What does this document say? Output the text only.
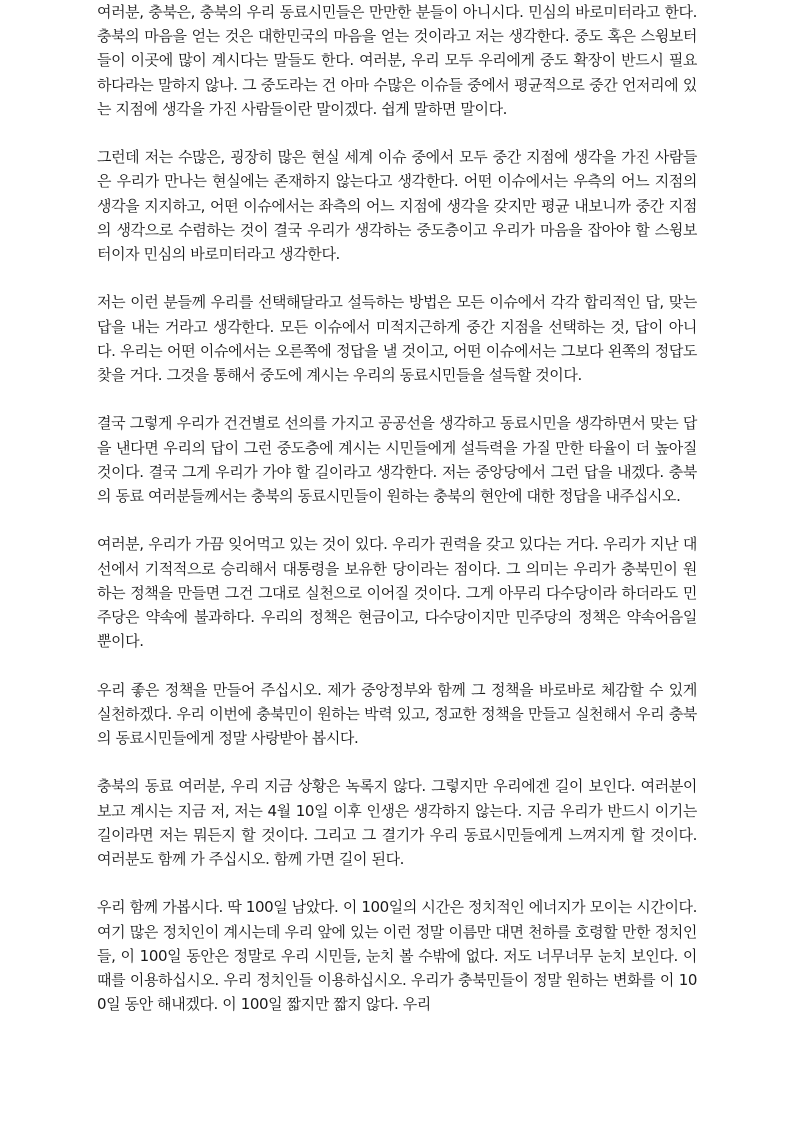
여러분, 충북은, 충북의 우리 동료시민들은 만만한 분들이 아니시다. 민심의 바로미터라고 한다. 충북의 마음을 얻는 것은 대한민국의 마음을 얻는 것이라고 저는 생각한다. 중도 혹은 스윙보터들이 이곳에 많이 계시다는 말들도 한다. 여러분, 우리 모두 우리에게 중도 확장이 반드시 필요하다라는 말하지 않나. 그 중도라는 건 아마 수많은 이슈들 중에서 평균적으로 중간 언저리에 있는 지점에 생각을 가진 사람들이란 말이겠다. 쉽게 말하면 말이다.

그런데 저는 수많은, 굉장히 많은 현실 세계 이슈 중에서 모두 중간 지점에 생각을 가진 사람들은 우리가 만나는 현실에는 존재하지 않는다고 생각한다. 어떤 이슈에서는 우측의 어느 지점의 생각을 지지하고, 어떤 이슈에서는 좌측의 어느 지점에 생각을 갖지만 평균 내보니까 중간 지점의 생각으로 수렴하는 것이 결국 우리가 생각하는 중도층이고 우리가 마음을 잡아야 할 스윙보터이자 민심의 바로미터라고 생각한다.

저는 이런 분들께 우리를 선택해달라고 설득하는 방법은 모든 이슈에서 각각 합리적인 답, 맞는 답을 내는 거라고 생각한다. 모든 이슈에서 미적지근하게 중간 지점을 선택하는 것, 답이 아니다. 우리는 어떤 이슈에서는 오른쪽에 정답을 낼 것이고, 어떤 이슈에서는 그보다 왼쪽의 정답도 찾을 거다. 그것을 통해서 중도에 계시는 우리의 동료시민들을 설득할 것이다.

결국 그렇게 우리가 건건별로 선의를 가지고 공공선을 생각하고 동료시민을 생각하면서 맞는 답을 낸다면 우리의 답이 그런 중도층에 계시는 시민들에게 설득력을 가질 만한 타율이 더 높아질 것이다. 결국 그게 우리가 가야 할 길이라고 생각한다. 저는 중앙당에서 그런 답을 내겠다. 충북의 동료 여러분들께서는 충북의 동료시민들이 원하는 충북의 현안에 대한 정답을 내주십시오.

여러분, 우리가 가끔 잊어먹고 있는 것이 있다. 우리가 권력을 갖고 있다는 거다. 우리가 지난 대선에서 기적적으로 승리해서 대통령을 보유한 당이라는 점이다. 그 의미는 우리가 충북민이 원하는 정책을 만들면 그건 그대로 실천으로 이어질 것이다. 그게 아무리 다수당이라 하더라도 민주당은 약속에 불과하다. 우리의 정책은 현금이고, 다수당이지만 민주당의 정책은 약속어음일 뿐이다.

우리 좋은 정책을 만들어 주십시오. 제가 중앙정부와 함께 그 정책을 바로바로 체감할 수 있게 실천하겠다. 우리 이번에 충북민이 원하는 박력 있고, 정교한 정책을 만들고 실천해서 우리 충북의 동료시민들에게 정말 사랑받아 봅시다.

충북의 동료 여러분, 우리 지금 상황은 녹록지 않다. 그렇지만 우리에겐 길이 보인다. 여러분이 보고 계시는 지금 저, 저는 4월 10일 이후 인생은 생각하지 않는다. 지금 우리가 반드시 이기는 길이라면 저는 뭐든지 할 것이다. 그리고 그 결기가 우리 동료시민들에게 느껴지게 할 것이다. 여러분도 함께 가 주십시오. 함께 가면 길이 된다.

우리 함께 가봅시다. 딱 100일 남았다. 이 100일의 시간은 정치적인 에너지가 모이는 시간이다. 여기 많은 정치인이 계시는데 우리 앞에 있는 이런 정말 이름만 대면 천하를 호령할 만한 정치인들, 이 100일 동안은 정말로 우리 시민들, 눈치 볼 수밖에 없다. 저도 너무너무 눈치 보인다. 이때를 이용하십시오. 우리 정치인들 이용하십시오. 우리가 충북민들이 정말 원하는 변화를 이 100일 동안 해내겠다. 이 100일 짧지만 짧지 않다. 우리
